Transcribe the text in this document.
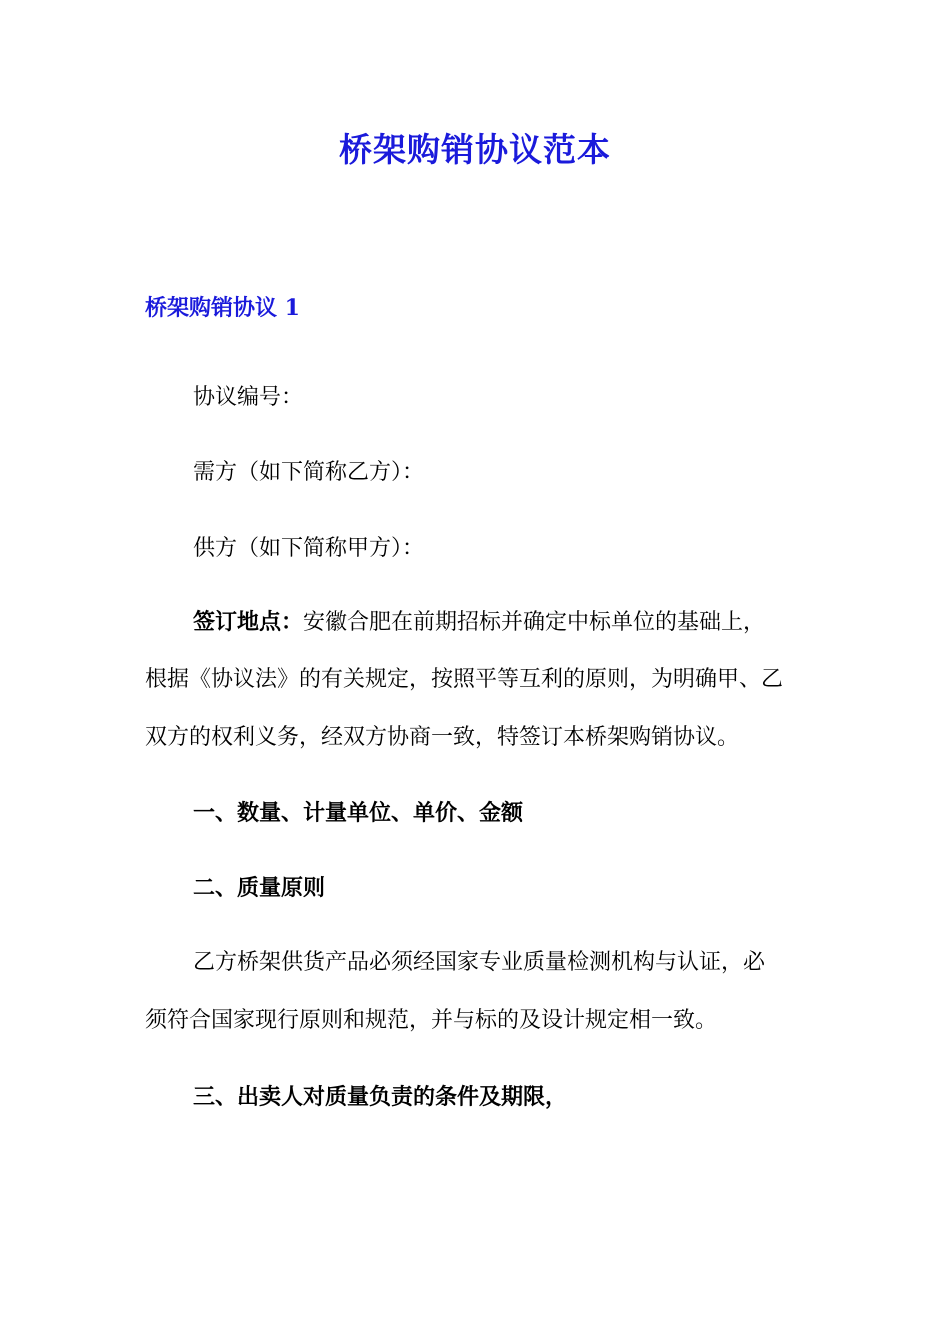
桥架购销协议范本
桥架购销协议 1
协议编号：
需方（如下简称乙方）：
供方（如下简称甲方）：
签订地点：安徽合肥在前期招标并确定中标单位的基础上，
根据《协议法》的有关规定，按照平等互利的原则，为明确甲、乙
双方的权利义务，经双方协商一致，特签订本桥架购销协议。
一、数量、计量单位、单价、金额
二、质量原则
乙方桥架供货产品必须经国家专业质量检测机构与认证，必
须符合国家现行原则和规范，并与标的及设计规定相一致。
三、出卖人对质量负责的条件及期限，
